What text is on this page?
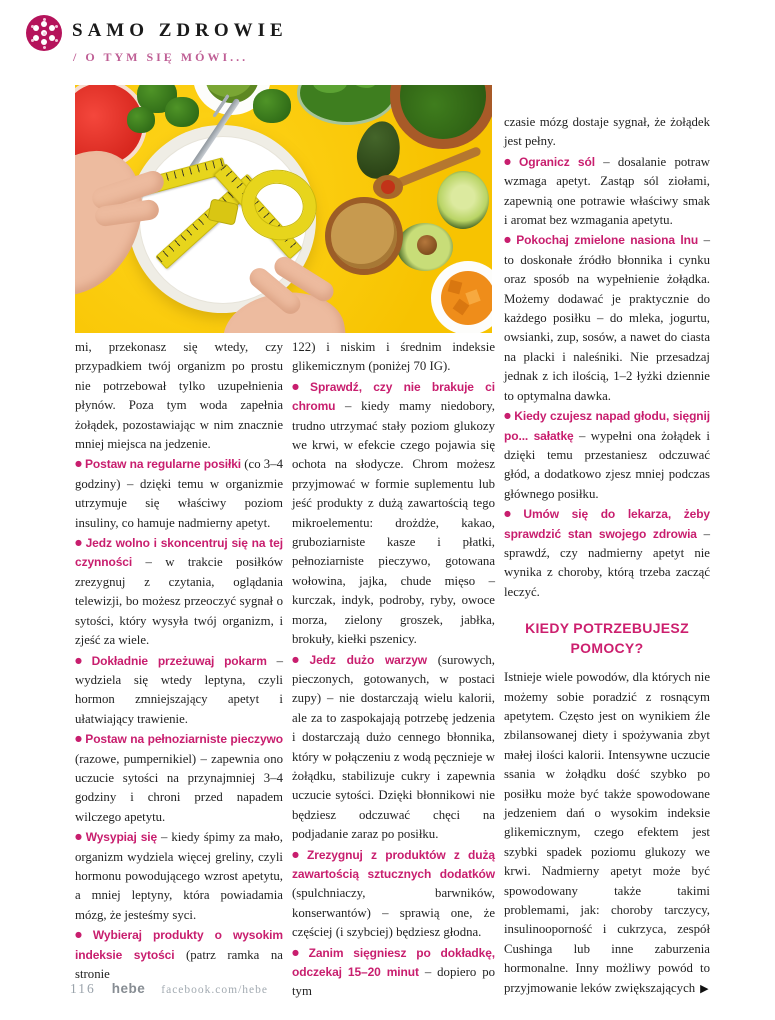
SAMO ZDROWIE
/ O TYM SIĘ MÓWI...

mi, przekonasz się wtedy, czy przypadkiem twój organizm po prostu nie potrzebował tylko uzupełnienia płynów. Poza tym woda zapełnia żołądek, pozostawiając w nim znacznie mniej miejsca na jedzenie.

● Postaw na regularne posiłki (co 3–4 godziny) – dzięki temu w organizmie utrzymuje się właściwy poziom insuliny, co hamuje nadmierny apetyt.

● Jedz wolno i skoncentruj się na tej czynności – w trakcie posiłków zrezygnuj z czytania, oglądania telewizji, bo możesz przeoczyć sygnał o sytości, który wysyła twój organizm, i zjeść za wiele.

● Dokładnie przeżuwaj pokarm – wydziela się wtedy leptyna, czyli hormon zmniejszający apetyt i ułatwiający trawienie.

● Postaw na pełnoziarniste pieczywo (razowe, pumpernikiel) – zapewnia ono uczucie sytości na przynajmniej 3–4 godziny i chroni przed napadem wilczego apetytu.

● Wysypiaj się – kiedy śpimy za mało, organizm wydziela więcej greliny, czyli hormonu powodującego wzrost apetytu, a mniej leptyny, która powiadamia mózg, że jesteśmy syci.

● Wybieraj produkty o wysokim indeksie sytości (patrz ramka na stronie

122) i niskim i średnim indeksie glikemicznym (poniżej 70 IG).

● Sprawdź, czy nie brakuje ci chromu – kiedy mamy niedobory, trudno utrzymać stały poziom glukozy we krwi, w efekcie czego pojawia się ochota na słodycze. Chrom możesz przyjmować w formie suplementu lub jeść produkty z dużą zawartością tego mikroelementu: drożdże, kakao, gruboziarniste kasze i płatki, pełnoziarniste pieczywo, gotowana wołowina, jajka, chude mięso – kurczak, indyk, podroby, ryby, owoce morza, zielony groszek, jabłka, brokuły, kiełki pszenicy.

● Jedz dużo warzyw (surowych, pieczonych, gotowanych, w postaci zupy) – nie dostarczają wielu kalorii, ale za to zaspokajają potrzebę jedzenia i dostarczają dużo cennego błonnika, który w połączeniu z wodą pęcznieje w żołądku, stabilizuje cukry i zapewnia uczucie sytości. Dzięki błonnikowi nie będziesz odczuwać chęci na podjadanie zaraz po posiłku.

● Zrezygnuj z produktów z dużą zawartością sztucznych dodatków (spulchniaczy, barwników, konserwantów) – sprawią one, że częściej (i szybciej) będziesz głodna.

● Zanim sięgniesz po dokładkę, odczekaj 15–20 minut – dopiero po tym

czasie mózg dostaje sygnał, że żołądek jest pełny.

● Ogranicz sól – dosalanie potraw wzmaga apetyt. Zastąp sól ziołami, zapewnią one potrawie właściwy smak i aromat bez wzmagania apetytu.

● Pokochaj zmielone nasiona lnu – to doskonałe źródło błonnika i cynku oraz sposób na wypełnienie żołądka. Możemy dodawać je praktycznie do każdego posiłku – do mleka, jogurtu, owsianki, zup, sosów, a nawet do ciasta na placki i naleśniki. Nie przesadzaj jednak z ich ilością, 1–2 łyżki dziennie to optymalna dawka.

● Kiedy czujesz napad głodu, sięgnij po... sałatkę – wypełni ona żołądek i dzięki temu przestaniesz odczuwać głód, a dodatkowo zjesz mniej podczas głównego posiłku.

● Umów się do lekarza, żeby sprawdzić stan swojego zdrowia – sprawdź, czy nadmierny apetyt nie wynika z choroby, którą trzeba zacząć leczyć.

KIEDY POTRZEBUJESZ POMOCY?

Istnieje wiele powodów, dla których nie możemy sobie poradzić z rosnącym apetytem. Często jest on wynikiem źle zbilansowanej diety i spożywania zbyt małej ilości kalorii. Intensywne uczucie ssania w żołądku dość szybko po posiłku może być także spowodowane jedzeniem dań o wysokim indeksie glikemicznym, czego efektem jest szybki spadek poziomu glukozy we krwi. Nadmierny apetyt może być spowodowany także takimi problemami, jak: choroby tarczycy, insulinooporność i cukrzyca, zespół Cushinga lub inne zaburzenia hormonalne. Inny możliwy powód to przyjmowanie leków zwiększających ▶

116 hebe facebook.com/hebe
